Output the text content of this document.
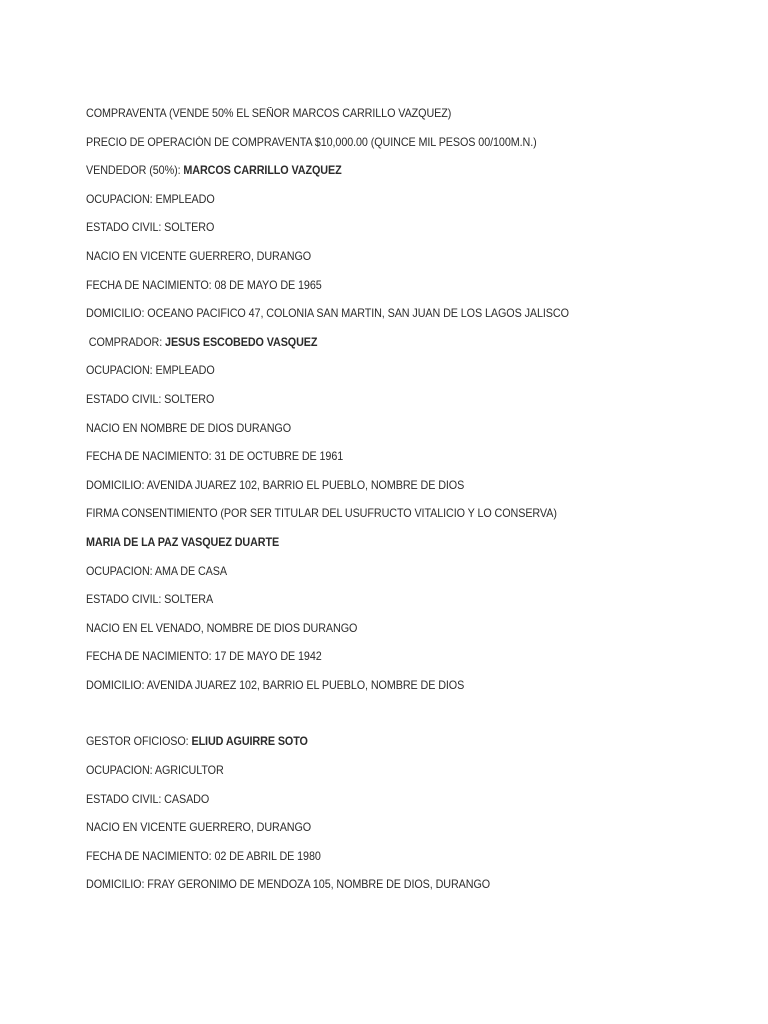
COMPRAVENTA (VENDE 50% EL SEÑOR MARCOS CARRILLO VAZQUEZ)
PRECIO DE OPERACIÓN DE COMPRAVENTA $10,000.00 (QUINCE MIL PESOS 00/100M.N.)
VENDEDOR (50%): MARCOS CARRILLO VAZQUEZ
OCUPACION: EMPLEADO
ESTADO CIVIL: SOLTERO
NACIO EN VICENTE GUERRERO, DURANGO
FECHA DE NACIMIENTO: 08 DE MAYO DE 1965
DOMICILIO: OCEANO PACIFICO 47, COLONIA SAN MARTIN, SAN JUAN DE LOS LAGOS JALISCO
COMPRADOR: JESUS ESCOBEDO VASQUEZ
OCUPACION: EMPLEADO
ESTADO CIVIL: SOLTERO
NACIO EN NOMBRE DE DIOS DURANGO
FECHA DE NACIMIENTO: 31 DE OCTUBRE DE 1961
DOMICILIO: AVENIDA JUAREZ 102, BARRIO EL PUEBLO, NOMBRE DE DIOS
FIRMA CONSENTIMIENTO (POR SER TITULAR DEL USUFRUCTO VITALICIO Y LO CONSERVA)
MARIA DE LA PAZ VASQUEZ DUARTE
OCUPACION: AMA DE CASA
ESTADO CIVIL: SOLTERA
NACIO EN EL VENADO, NOMBRE DE DIOS DURANGO
FECHA DE NACIMIENTO: 17 DE MAYO DE 1942
DOMICILIO: AVENIDA JUAREZ 102, BARRIO EL PUEBLO, NOMBRE DE DIOS
GESTOR OFICIOSO: ELIUD AGUIRRE SOTO
OCUPACION: AGRICULTOR
ESTADO CIVIL: CASADO
NACIO EN VICENTE GUERRERO, DURANGO
FECHA DE NACIMIENTO: 02 DE ABRIL DE 1980
DOMICILIO: FRAY GERONIMO DE MENDOZA 105, NOMBRE DE DIOS, DURANGO
